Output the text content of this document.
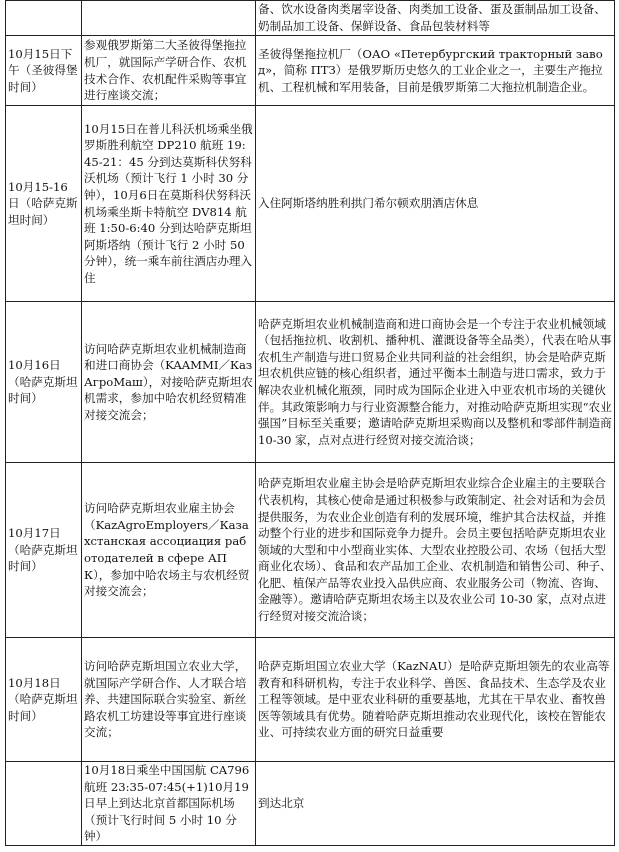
		备、饮水设备肉类屠宰设备、肉类加工设备、蛋及蛋制品加工设备、奶制品加工设备、保鲜设备、食品包装材料等
10月15日下午（圣彼得堡时间）	参观俄罗斯第二大圣彼得堡拖拉机厂，就国际产学研合作、农机技术合作、农机配件采购等事宜进行座谈交流；	圣彼得堡拖拉机厂（ОАО «Петербургский тракторный завод»，简称 ПТЗ）是俄罗斯历史悠久的工业企业之一，主要生产拖拉机、工程机械和军用装备，目前是俄罗斯第二大拖拉机制造企业。
10月15-16日（哈萨克斯坦时间）	10月15日在普儿科沃机场乘坐俄罗斯胜利航空 DP210 航班 19:45-21：45 分到达莫斯科伏努科沃机场（预计飞行 1 小时 30 分钟），10月6日在莫斯科伏努科沃机场乘坐斯卡特航空 DV814 航班 1:50-6:40 分到达哈萨克斯坦阿斯塔纳（预计飞行 2 小时 50 分钟），统一乘车前往酒店办理入住	入住阿斯塔纳胜利拱门希尔顿欢朋酒店休息
10月16日（哈萨克斯坦时间）	访问哈萨克斯坦农业机械制造商和进口商协会（KAAMMI／КазАгроМаш），对接哈萨克斯坦农机需求，参加中哈农机经贸精准对接交流会；	哈萨克斯坦农业机械制造商和进口商协会是一个专注于农业机械领域（包括拖拉机、收割机、播种机、灌溉设备等全品类），代表在哈从事农机生产制造与进口贸易企业共同利益的社会组织，协会是哈萨克斯坦农机供应链的核心组织者，通过平衡本土制造与进口需求，致力于解决农业机械化瓶颈，同时成为国际企业进入中亚农机市场的关键伙伴。其政策影响力与行业资源整合能力，对推动哈萨克斯坦实现“农业强国”目标至关重要；邀请哈萨克斯坦采购商以及整机和零部件制造商 10-30 家，点对点进行经贸对接交流洽谈；
10月17日（哈萨克斯坦时间）	访问哈萨克斯坦农业雇主协会（KazAgroEmployers／Казахстанская ассоциация работодателей в сфере АПК），参加中哈农场主与农机经贸对接交流会；	哈萨克斯坦农业雇主协会是哈萨克斯坦农业综合企业雇主的主要联合代表机构，其核心使命是通过积极参与政策制定、社会对话和为会员提供服务，为农业企业创造有利的发展环境，维护其合法权益，并推动整个行业的进步和国际竞争力提升。会员主要包括哈萨克斯坦农业领域的大型和中小型商业实体、大型农业控股公司、农场（包括大型商业化农场）、食品和农产品加工企业、农机制造和销售公司、种子、化肥、植保产品等农业投入品供应商、农业服务公司（物流、咨询、金融等）。邀请哈萨克斯坦农场主以及农业公司 10-30 家，点对点进行经贸对接交流洽谈；
10月18日（哈萨克斯坦时间）	访问哈萨克斯坦国立农业大学，就国际产学研合作、人才联合培养、共建国际联合实验室、新丝路农机工坊建设等事宜进行座谈交流；	哈萨克斯坦国立农业大学（KazNAU）是哈萨克斯坦领先的农业高等教育和科研机构，专注于农业科学、兽医、食品技术、生态学及农业工程等领域。是中亚农业科研的重要基地，尤其在干旱农业、畜牧兽医等领域具有优势。随着哈萨克斯坦推动农业现代化，该校在智能农业、可持续农业方面的研究日益重要
	10月18日乘坐中国国航 CA796 航班 23:35-07:45(+1)10月19日早上到达北京首都国际机场（预计飞行时间 5 小时 10 分钟）	到达北京
